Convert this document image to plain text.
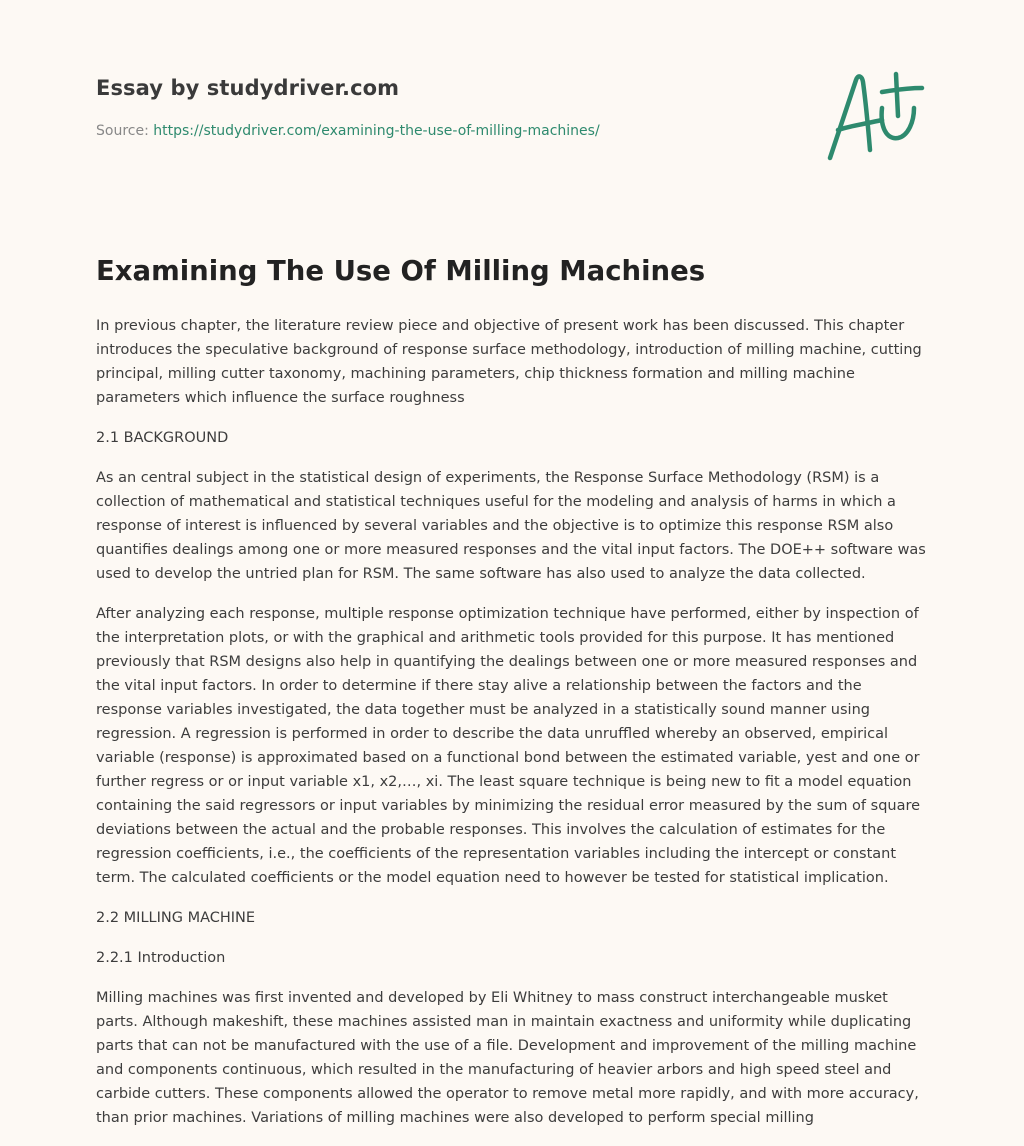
Essay by studydriver.com
Source: https://studydriver.com/examining-the-use-of-milling-machines/
Examining The Use Of Milling Machines

In previous chapter, the literature review piece and objective of present work has been discussed. This chapter introduces the speculative background of response surface methodology, introduction of milling machine, cutting principal, milling cutter taxonomy, machining parameters, chip thickness formation and milling machine parameters which influence the surface roughness

2.1 BACKGROUND

As an central subject in the statistical design of experiments, the Response Surface Methodology (RSM) is a collection of mathematical and statistical techniques useful for the modeling and analysis of harms in which a response of interest is influenced by several variables and the objective is to optimize this response RSM also quantifies dealings among one or more measured responses and the vital input factors. The DOE++ software was used to develop the untried plan for RSM. The same software has also used to analyze the data collected.

After analyzing each response, multiple response optimization technique have performed, either by inspection of the interpretation plots, or with the graphical and arithmetic tools provided for this purpose. It has mentioned previously that RSM designs also help in quantifying the dealings between one or more measured responses and the vital input factors. In order to determine if there stay alive a relationship between the factors and the response variables investigated, the data together must be analyzed in a statistically sound manner using regression. A regression is performed in order to describe the data unruffled whereby an observed, empirical variable (response) is approximated based on a functional bond between the estimated variable, yest and one or further regress or or input variable x1, x2,…, xi. The least square technique is being new to fit a model equation containing the said regressors or input variables by minimizing the residual error measured by the sum of square deviations between the actual and the probable responses. This involves the calculation of estimates for the regression coefficients, i.e., the coefficients of the representation variables including the intercept or constant term. The calculated coefficients or the model equation need to however be tested for statistical implication.

2.2 MILLING MACHINE
2.2.1 Introduction

Milling machines was first invented and developed by Eli Whitney to mass construct interchangeable musket parts. Although makeshift, these machines assisted man in maintain exactness and uniformity while duplicating parts that can not be manufactured with the use of a file. Development and improvement of the milling machine and components continuous, which resulted in the manufacturing of heavier arbors and high speed steel and carbide cutters. These components allowed the operator to remove metal more rapidly, and with more accuracy, than prior machines. Variations of milling machines were also developed to perform special milling
